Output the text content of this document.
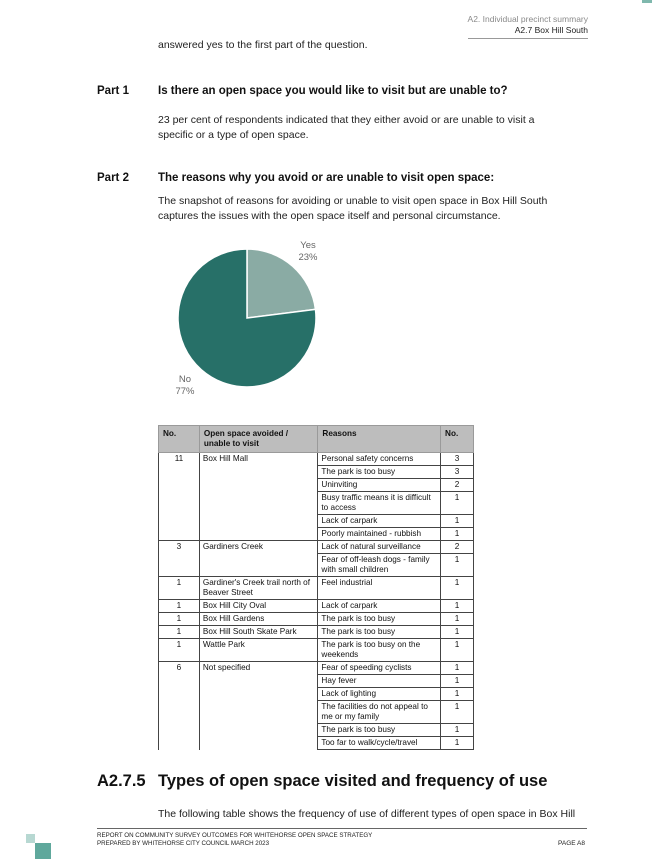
A2. Individual precinct summary
A2.7 Box Hill South
answered yes to the first part of the question.
Part 1	Is there an open space you would like to visit but are unable to?
23 per cent of respondents indicated that they either avoid or are unable to visit a specific or a type of open space.
Part 2	The reasons why you avoid or are unable to visit open space:
The snapshot of reasons for avoiding or unable to visit open space in Box Hill South captures the issues with the open space itself and personal circumstance.
Yes
23%
No
77%
No.	Open space avoided / unable to visit	Reasons	No.
11	Box Hill Mall	Personal safety concerns	3
		The park is too busy	3
		Uninviting	2
		Busy traffic means it is difficult to access	1
		Lack of carpark	1
		Poorly maintained - rubbish	1
3	Gardiners Creek	Lack of natural surveillance	2
		Fear of off-leash dogs - family with small children	1
1	Gardiner's Creek trail north of Beaver Street	Feel industrial	1
1	Box Hill City Oval	Lack of carpark	1
1	Box Hill Gardens	The park is too busy	1
1	Box Hill South Skate Park	The park is too busy	1
1	Wattle Park	The park is too busy on the weekends	1
6	Not specified	Fear of speeding cyclists	1
		Hay fever	1
		Lack of lighting	1
		The facilities do not appeal to me or my family	1
		The park is too busy	1
		Too far to walk/cycle/travel	1
A2.7.5 Types of open space visited and frequency of use
The following table shows the frequency of use of different types of open space in Box Hill
REPORT ON COMMUNITY SURVEY OUTCOMES FOR WHITEHORSE OPEN SPACE STRATEGY
PREPARED BY WHITEHORSE CITY COUNCIL MARCH 2023	PAGE A8
